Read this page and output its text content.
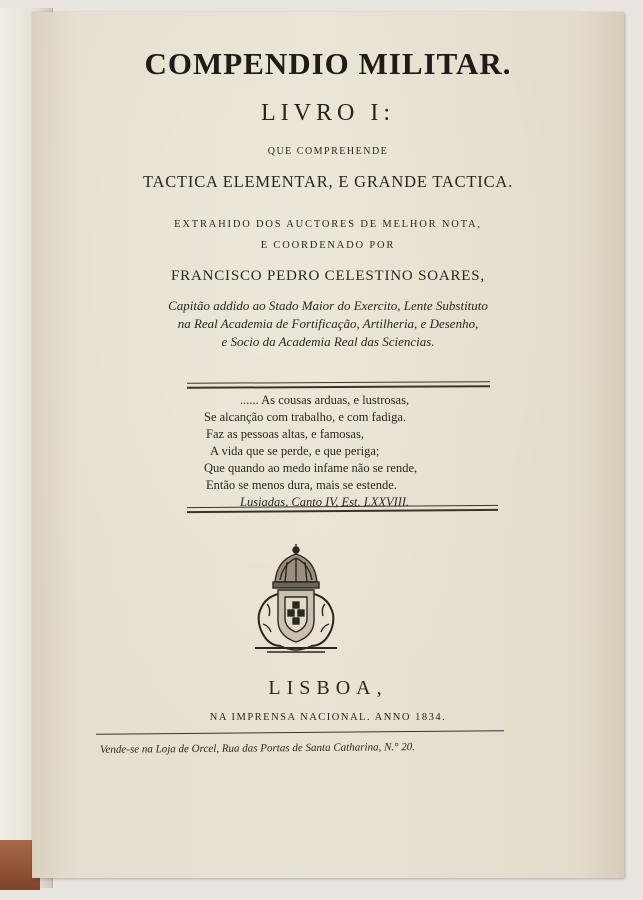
COMPENDIO MILITAR.
LIVRO I:
QUE COMPREHENDE
TACTICA ELEMENTAR, E GRANDE TACTICA.
EXTRAHIDO DOS AUCTORES DE MELHOR NOTA,
E COORDENADO POR
FRANCISCO PEDRO CELESTINO SOARES,
Capitão addido ao Stado Maior do Exercito, Lente Substituto
na Real Academia de Fortificação, Artilheria, e Desenho,
e Socio da Academia Real das Sciencias.
...... As cousas arduas, e lustrosas,
Se alcanção com trabalho, e com fadiga.
Faz as pessoas altas, e famosas,
A vida que se perde, e que periga;
Que quando ao medo infame não se rende,
Então se menos dura, mais se estende.
Lusiadas, Canto IV, Est. LXXVIII.
LISBOA,
NA IMPRENSA NACIONAL. ANNO 1834.
Vende-se na Loja de Orcel, Rua das Portas de Santa Catharina, N.° 20.
